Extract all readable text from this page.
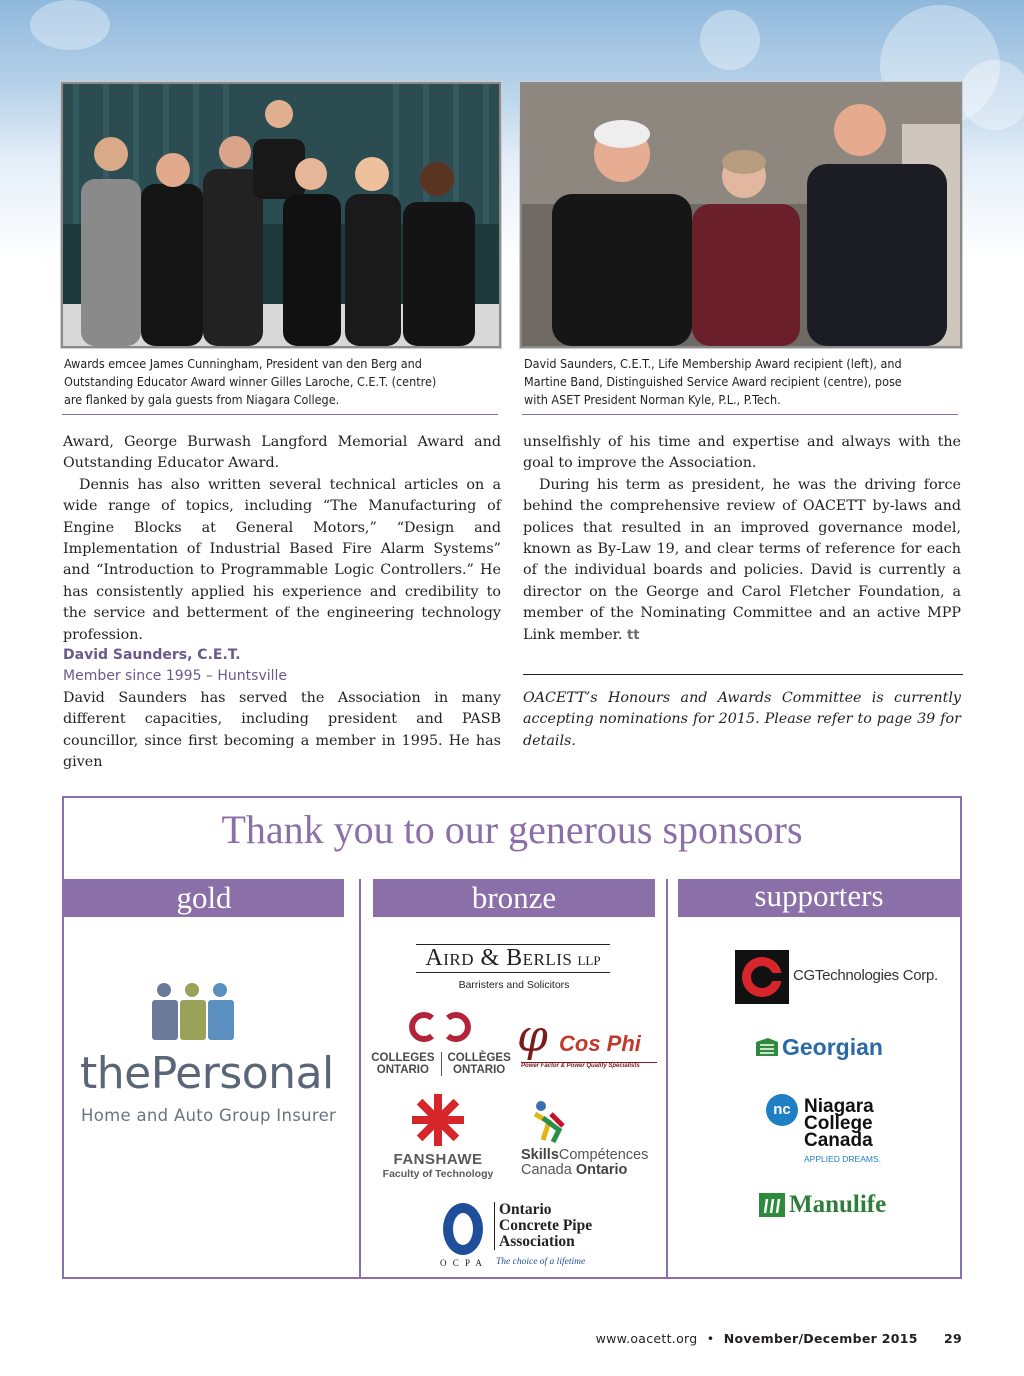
Awards emcee James Cunningham, President van den Berg and
Outstanding Educator Award winner Gilles Laroche, C.E.T. (centre)
are flanked by gala guests from Niagara College.
David Saunders, C.E.T., Life Membership Award recipient (left), and
Martine Band, Distinguished Service Award recipient (centre), pose
with ASET President Norman Kyle, P.L., P.Tech.

Award, George Burwash Langford Memorial Award and Outstanding Educator Award.

Dennis has also written several technical articles on a wide range of topics, including “The Manufacturing of Engine Blocks at General Motors,” “Design and Implementation of Industrial Based Fire Alarm Systems” and “Introduction to Programmable Logic Controllers.” He has consistently applied his experience and credibility to the service and betterment of the engineering technology profession.

David Saunders, C.E.T.
Member since 1995 – Huntsville

David Saunders has served the Association in many different capacities, including president and PASB councillor, since first becoming a member in 1995. He has given

unselfishly of his time and expertise and always with the goal to improve the Association.

During his term as president, he was the driving force behind the comprehensive review of OACETT by-laws and polices that resulted in an improved governance model, known as By-Law 19, and clear terms of reference for each of the individual boards and policies. David is currently a director on the George and Carol Fletcher Foundation, a member of the Nominating Committee and an active MPP Link member. tt

OACETT’s Honours and Awards Committee is currently accepting nominations for 2015. Please refer to page 39 for details.
Thank you to our generous sponsors
gold	bronze	supporters
thePersonal
Home and Auto Group Insurer
Aird & Berlis LLP
Barristers and Solicitors
COLLEGES
ONTARIO
COLLÈGES
ONTARIO
φ Cos Phi
Power Factor & Power Quality Specialists
FANSHAWE
Faculty of Technology
SkillsCompétences
Canada Ontario
Ontario
Concrete Pipe
Association
O C P A The choice of a lifetime
CGTechnologies Corp.
Georgian
nc Niagara
College
Canada
APPLIED DREAMS.
Manulife
www.oacett.org • November/December 2015 29
